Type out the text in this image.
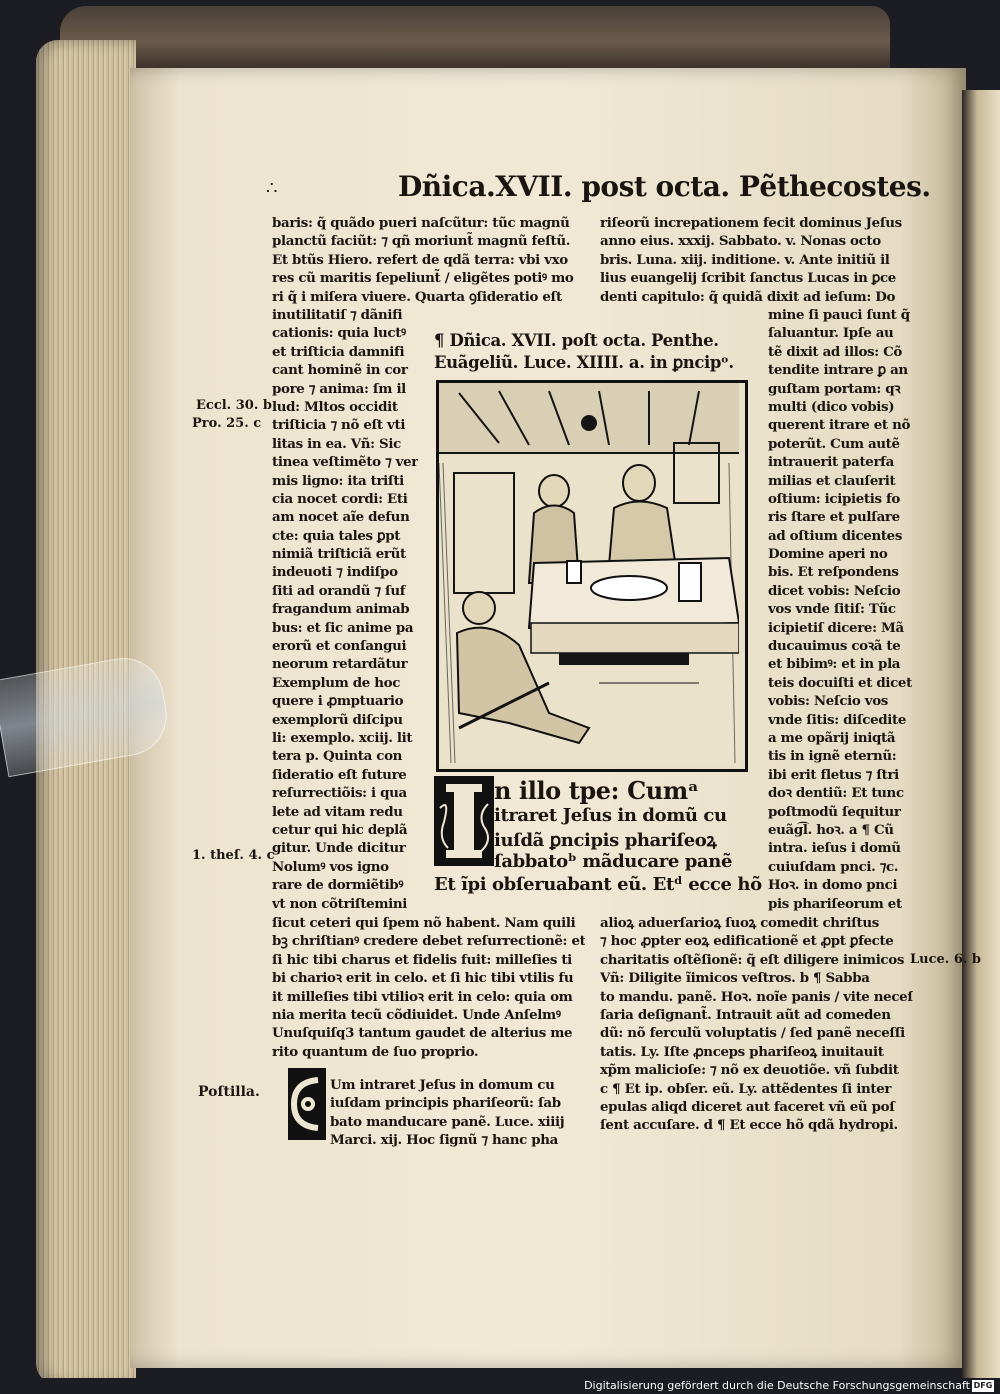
∴	Dñica.XVII. post octa. Pẽthecostes.
baris: q̃ quãdo pueri naſcũtur: tũc magnũ
planctũ faciũt: ⁊ qñ moriunt̃ magnũ feſtũ.
Et btũs Hiero. refert de qdã terra: vbi vxo
res cũ maritis ſepeliunt̃ / eligẽtes potiꝰ mo
ri q̃ i miſera viuere. Quarta ꝯſideratio eſt
inutilitatiſ ⁊ dãnifi
cationis: quia luctꝰ
et triſticia damnifi
cant hominẽ in cor
pore ⁊ anima: ſm il
lud: Mltos occidit
triſticia ⁊ nõ eſt vti
litas in ea. Vñ: Sic
tinea veſtimẽto ⁊ ver
mis ligno: ita triſti
cia nocet cordi: Eti
am nocet aĩe defun
cte: quia tales ꝑpt
nimiã triſticiã erũt
indeuoti ⁊ indiſpo
ſiti ad orandũ ⁊ ſuf
fragandum animab
bus: et ſic anime pa
erorũ et conſangui
neorum retardãtur
Exemplum de hoc
quere i ꝓmptuario
exemplorũ diſcipu
li: exemplo. xciij. lit
tera p. Quinta con
ſideratio eſt future
reſurrectiõis: i qua
lete ad vitam redu
cetur qui hic deplã
gitur. Unde dicitur
Nolumꝰ vos igno
rare de dormiẽtibꝰ
vt non cõtriſtemini
ſicut ceteri qui ſpem nõ habent. Nam quili
bꝫ chriſtianꝰ credere debet reſurrectionẽ: et
ſi hic tibi charus et fidelis fuit: milleſies ti
bi charioꝛ erit in celo. et ſi hic tibi vtilis fu
it milleſies tibi vtilioꝛ erit in celo: quia om
nia merita tecũ cõdiuidet. Unde Anſelmꝰ
Unuſquiſq3 tantum gaudet de alterius me
rito quantum de ſuo proprio.
Um intraret Jeſus in domum cu
iuſdam principis phariſeorũ: ſab
bato manducare panẽ. Luce. xiiij
Marci. xij. Hoc ſignũ ⁊ hanc pha
riſeorũ increpationem fecit dominus Jeſus
anno eius. xxxij. Sabbato. v. Nonas octo
bris. Luna. xiij. inditione. v. Ante initiũ il
lius euangelij ſcribit ſanctus Lucas in ꝑce
denti capitulo: q̃ quidã dixit ad ieſum: Do
mine ſi pauci ſunt q̃
ſaluantur. Ipſe au
tẽ dixit ad illos: Cõ
tendite intrare ꝑ an
guſtam portam: qꝛ
multi (dico vobis)
querent itrare et nõ
poterũt. Cum autẽ
intrauerit paterfa
milias et clauſerit
oſtium: icipietis fo
ris ſtare et pulſare
ad oſtium dicentes
Domine aperi no
bis. Et reſpondens
dicet vobis: Neſcio
vos vnde ſitiſ: Tũc
icipietiſ dicere: Mã
ducauimus coꝛã te
et bibimꝰ: et in pla
teis docuiſti et dicet
vobis: Neſcio vos
vnde ſitis: diſcedite
a me opãrij iniqtã
tis in ignẽ eternũ:
ibi erit fletus ⁊ ſtri
doꝛ dentiũ: Et tunc
poſtmodũ ſequitur
euãg͡l. hoꝛ. a ¶ Cũ
intra. ieſus i domũ
cuiuſdam pnci. ⁊c.
Hoꝛ. in domo pnci
pis phariſeorum et
alioꝝ aduerſarioꝝ ſuoꝝ comedit chriſtus
⁊ hoc ꝓpter eoꝝ edificationẽ et ꝓpt ꝑfecte
charitatis oſtẽſionẽ: q̃ eſt diligere inimicos
Vñ: Diligite ĩimicos veſtros. b ¶ Sabba
to mandu. panẽ. Hoꝛ. noĩe panis / vite neceſ
ſaria deſignant̃. Intrauit aũt ad comeden
dũ: nõ ferculũ voluptatis / ſed panẽ neceſſi
tatis. Ly. Iſte ꝓnceps phariſeoꝝ inuitauit
xp̃m malicioſe: ⁊ nõ ex deuotiõe. vñ ſubdit
c ¶ Et ip. obſer. eũ. Ly. attẽdentes ſi inter
epulas aliqd diceret aut faceret vñ eũ poſ
ſent accuſare. d ¶ Et ecce hõ qdã hydropi.
¶ Dñica. XVII. poſt octa. Penthe.
Euãgeliũ. Luce. XIIII. a. in ꝑncipᵒ.
n illo tpe: Cumᵃ
itraret Jeſus in domũ cu
iuſdã ꝑncipis phariſeoꝝ
ſabbatoᵇ mãducare panẽ
Et ĩpi obſeruabant eũ. Etᵈ ecce hõ
Eccl. 30. b
Pro. 25. c
1. theſ. 4. c
Luce. 6. b
Poſtilla.
Digitalisierung gefördert durch die Deutsche Forschungsgemeinschaft DFG
